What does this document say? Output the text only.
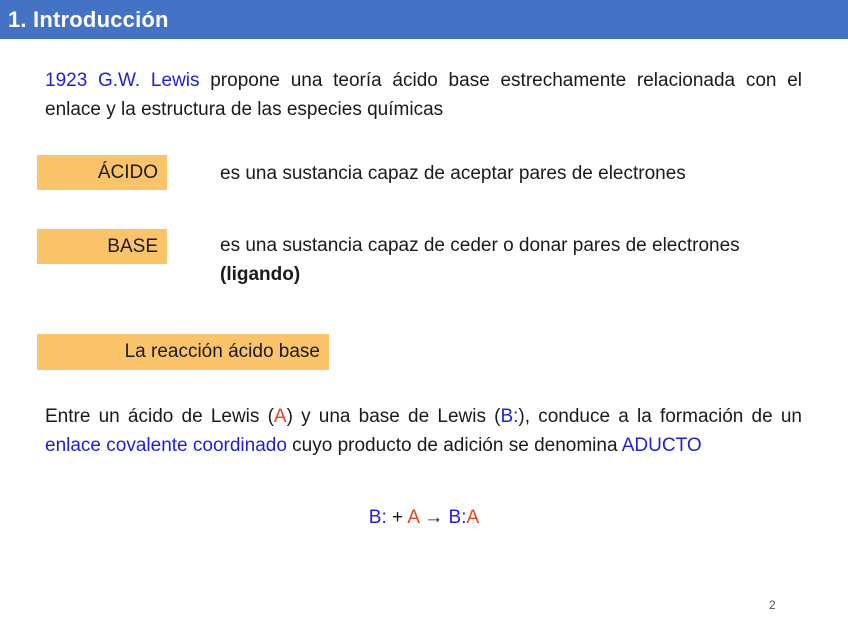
1. Introducción
1923 G.W. Lewis propone una teoría ácido base estrechamente relacionada con el enlace y la estructura de las especies químicas
ÁCIDO	es una sustancia capaz de aceptar pares de electrones
BASE	es una sustancia capaz de ceder o donar pares de electrones
(ligando)
La reacción ácido base
Entre un ácido de Lewis (A) y una base de Lewis (B:), conduce a la formación de un enlace covalente coordinado cuyo producto de adición se denomina ADUCTO
B: + A → B:A
2
